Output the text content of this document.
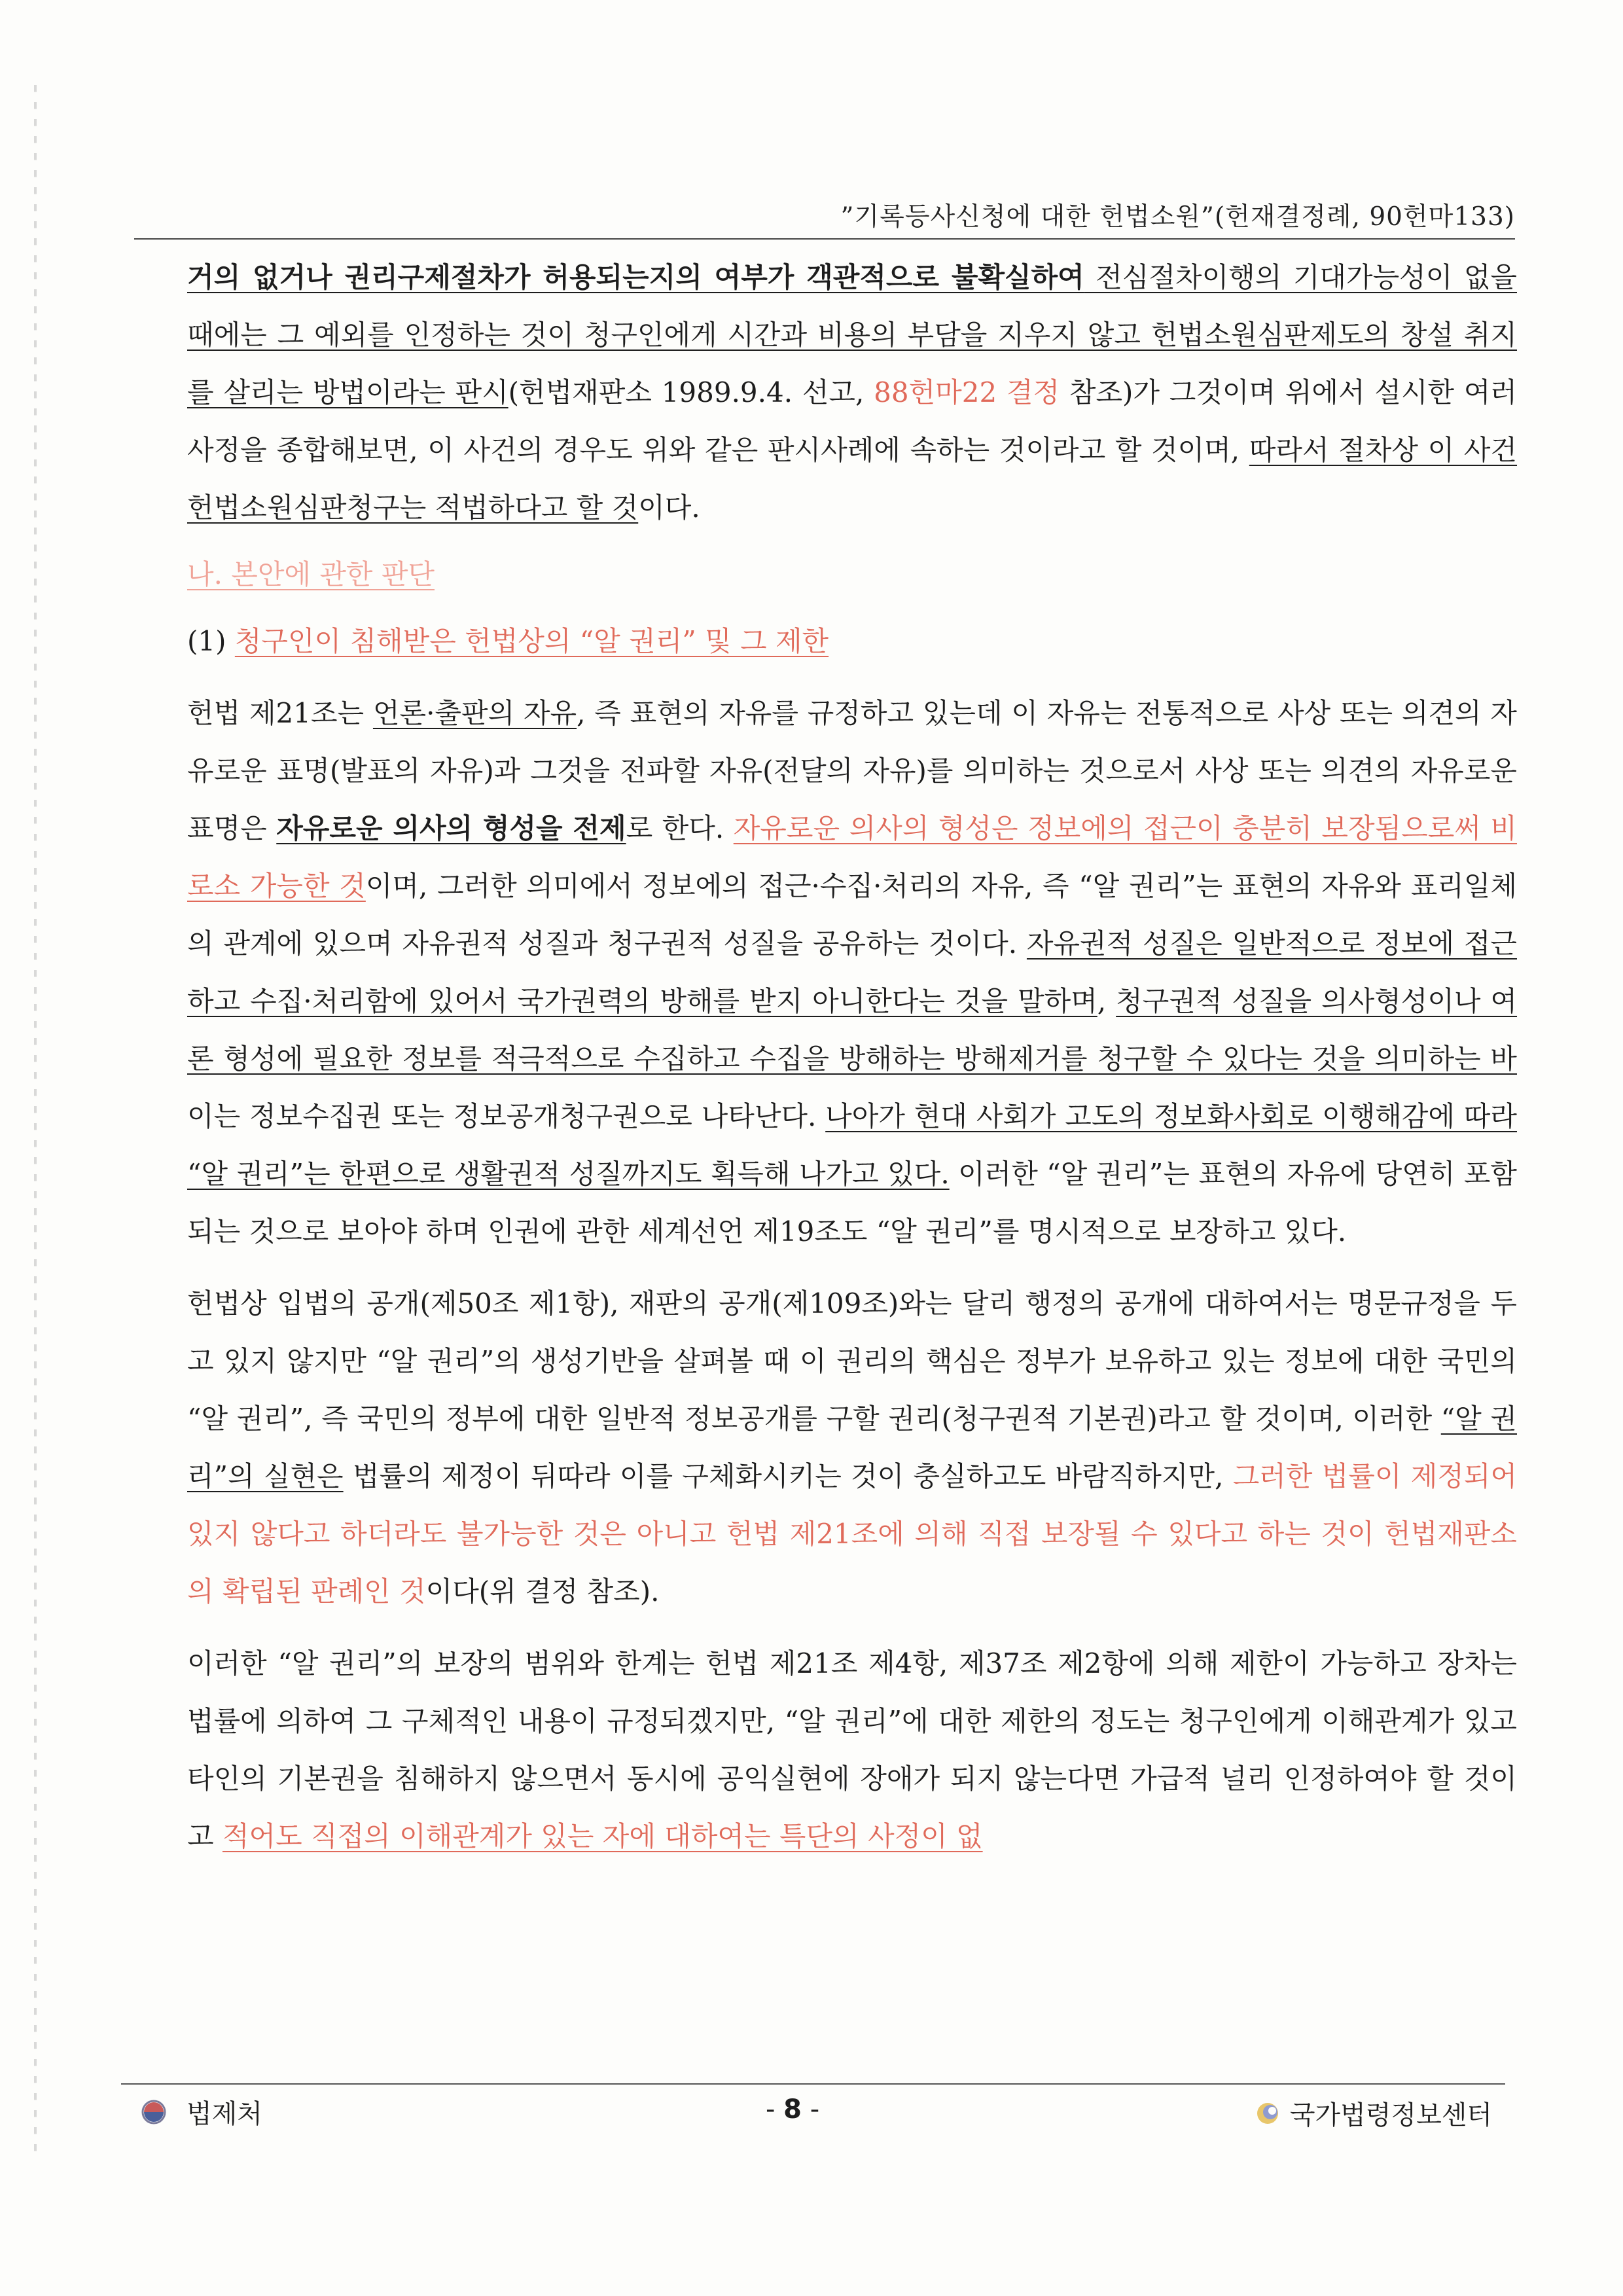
”기록등사신청에 대한 헌법소원”(헌재결정례, 90헌마133)

거의 없거나 권리구제절차가 허용되는지의 여부가 객관적으로 불확실하여 전심절차이행의 기대가능성이 없을 때에는 그 예외를 인정하는 것이 청구인에게 시간과 비용의 부담을 지우지 않고 헌법소원심판제도의 창설 취지를 살리는 방법이라는 판시(헌법재판소 1989.9.4. 선고, 88헌마22 결정 참조)가 그것이며 위에서 설시한 여러 사정을 종합해보면, 이 사건의 경우도 위와 같은 판시사례에 속하는 것이라고 할 것이며, 따라서 절차상 이 사건 헌법소원심판청구는 적법하다고 할 것이다.

나. 본안에 관한 판단

(1) 청구인이 침해받은 헌법상의 “알 권리” 및 그 제한

헌법 제21조는 언론·출판의 자유, 즉 표현의 자유를 규정하고 있는데 이 자유는 전통적으로 사상 또는 의견의 자유로운 표명(발표의 자유)과 그것을 전파할 자유(전달의 자유)를 의미하는 것으로서 사상 또는 의견의 자유로운 표명은 자유로운 의사의 형성을 전제로 한다. 자유로운 의사의 형성은 정보에의 접근이 충분히 보장됨으로써 비로소 가능한 것이며, 그러한 의미에서 정보에의 접근·수집·처리의 자유, 즉 “알 권리”는 표현의 자유와 표리일체의 관계에 있으며 자유권적 성질과 청구권적 성질을 공유하는 것이다. 자유권적 성질은 일반적으로 정보에 접근하고 수집·처리함에 있어서 국가권력의 방해를 받지 아니한다는 것을 말하며, 청구권적 성질을 의사형성이나 여론 형성에 필요한 정보를 적극적으로 수집하고 수집을 방해하는 방해제거를 청구할 수 있다는 것을 의미하는 바 이는 정보수집권 또는 정보공개청구권으로 나타난다. 나아가 현대 사회가 고도의 정보화사회로 이행해감에 따라 “알 권리”는 한편으로 생활권적 성질까지도 획득해 나가고 있다. 이러한 “알 권리”는 표현의 자유에 당연히 포함되는 것으로 보아야 하며 인권에 관한 세계선언 제19조도 “알 권리”를 명시적으로 보장하고 있다.

헌법상 입법의 공개(제50조 제1항), 재판의 공개(제109조)와는 달리 행정의 공개에 대하여서는 명문규정을 두고 있지 않지만 “알 권리”의 생성기반을 살펴볼 때 이 권리의 핵심은 정부가 보유하고 있는 정보에 대한 국민의 “알 권리”, 즉 국민의 정부에 대한 일반적 정보공개를 구할 권리(청구권적 기본권)라고 할 것이며, 이러한 “알 권리”의 실현은 법률의 제정이 뒤따라 이를 구체화시키는 것이 충실하고도 바람직하지만, 그러한 법률이 제정되어 있지 않다고 하더라도 불가능한 것은 아니고 헌법 제21조에 의해 직접 보장될 수 있다고 하는 것이 헌법재판소의 확립된 판례인 것이다(위 결정 참조).

이러한 “알 권리”의 보장의 범위와 한계는 헌법 제21조 제4항, 제37조 제2항에 의해 제한이 가능하고 장차는 법률에 의하여 그 구체적인 내용이 규정되겠지만, “알 권리”에 대한 제한의 정도는 청구인에게 이해관계가 있고 타인의 기본권을 침해하지 않으면서 동시에 공익실현에 장애가 되지 않는다면 가급적 널리 인정하여야 할 것이고 적어도 직접의 이해관계가 있는 자에 대하여는 특단의 사정이 없

법제처	- 8 -	국가법령정보센터
